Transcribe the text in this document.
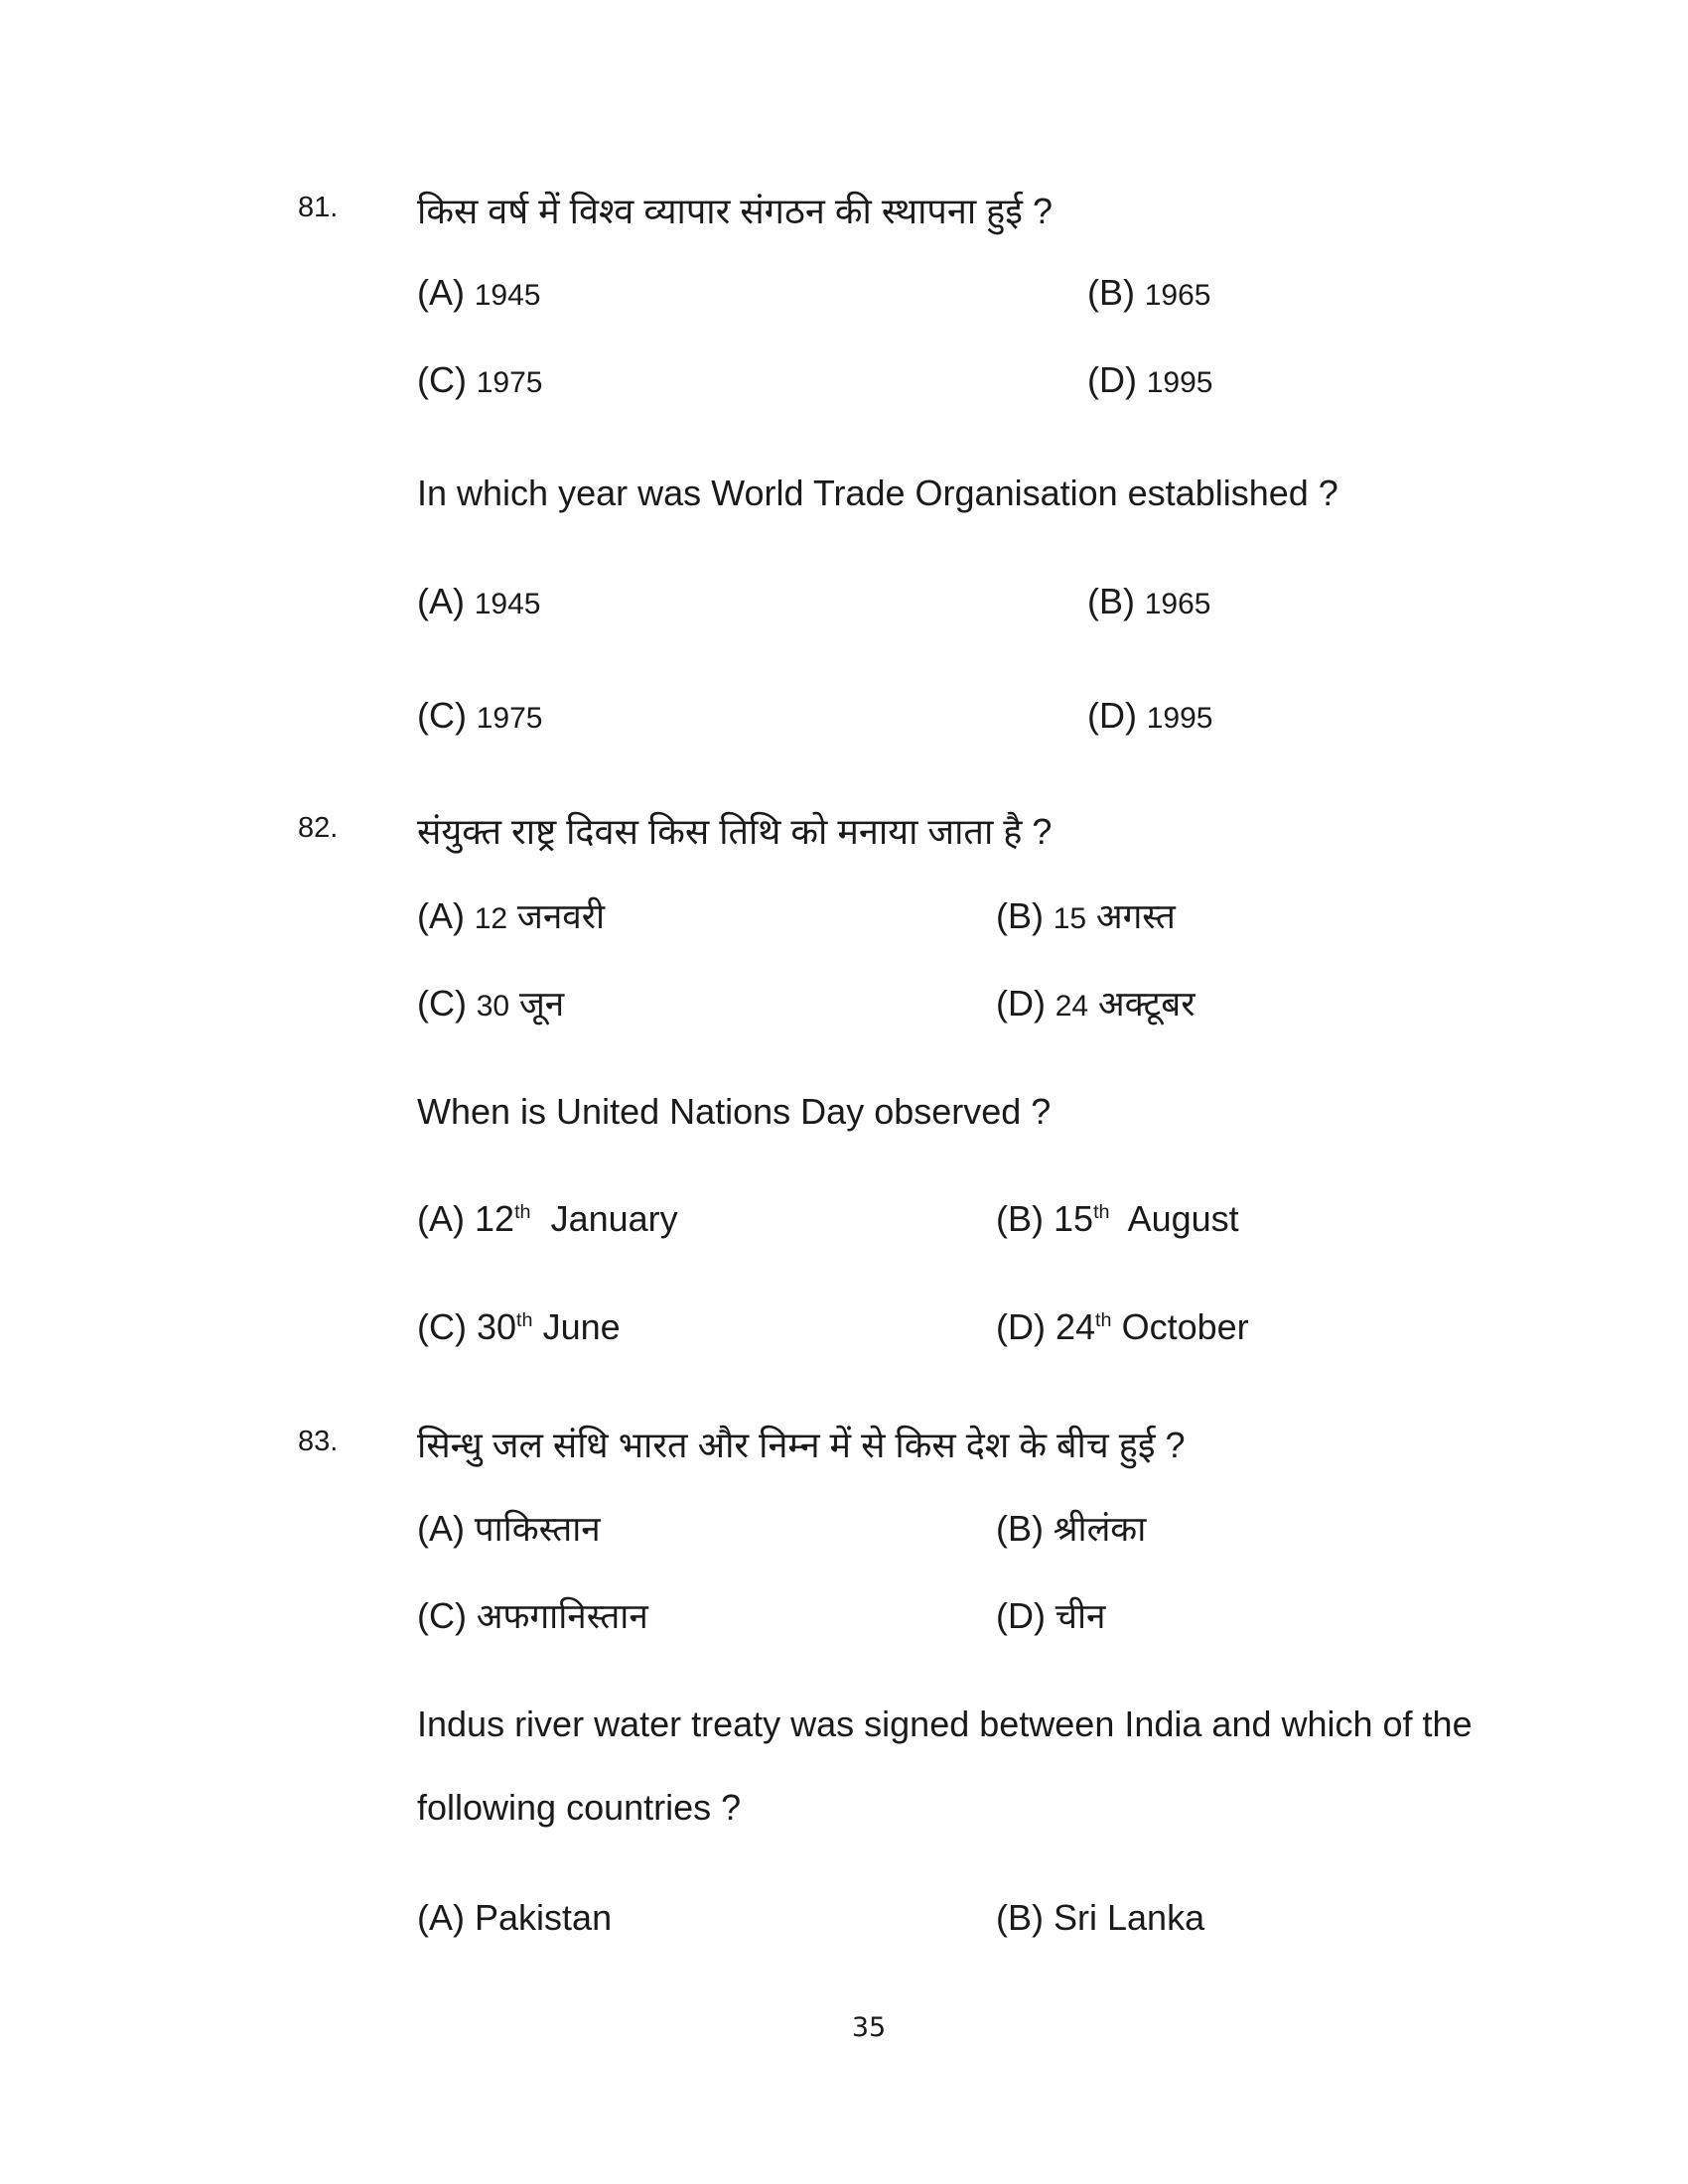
81. किस वर्ष में विश्व व्यापार संगठन की स्थापना हुई ?
(A) 1945	(B) 1965
(C) 1975	(D) 1995
In which year was World Trade Organisation established ?
(A) 1945	(B) 1965
(C) 1975	(D) 1995
82. संयुक्त राष्ट्र दिवस किस तिथि को मनाया जाता है ?
(A) 12 जनवरी	(B) 15 अगस्त
(C) 30 जून	(D) 24 अक्टूबर
When is United Nations Day observed ?
(A) 12th January	(B) 15th August
(C) 30th June	(D) 24th October
83. सिन्धु जल संधि भारत और निम्न में से किस देश के बीच हुई ?
(A) पाकिस्तान	(B) श्रीलंका
(C) अफगानिस्तान	(D) चीन
Indus river water treaty was signed between India and which of the
following countries ?
(A) Pakistan	(B) Sri Lanka
35
